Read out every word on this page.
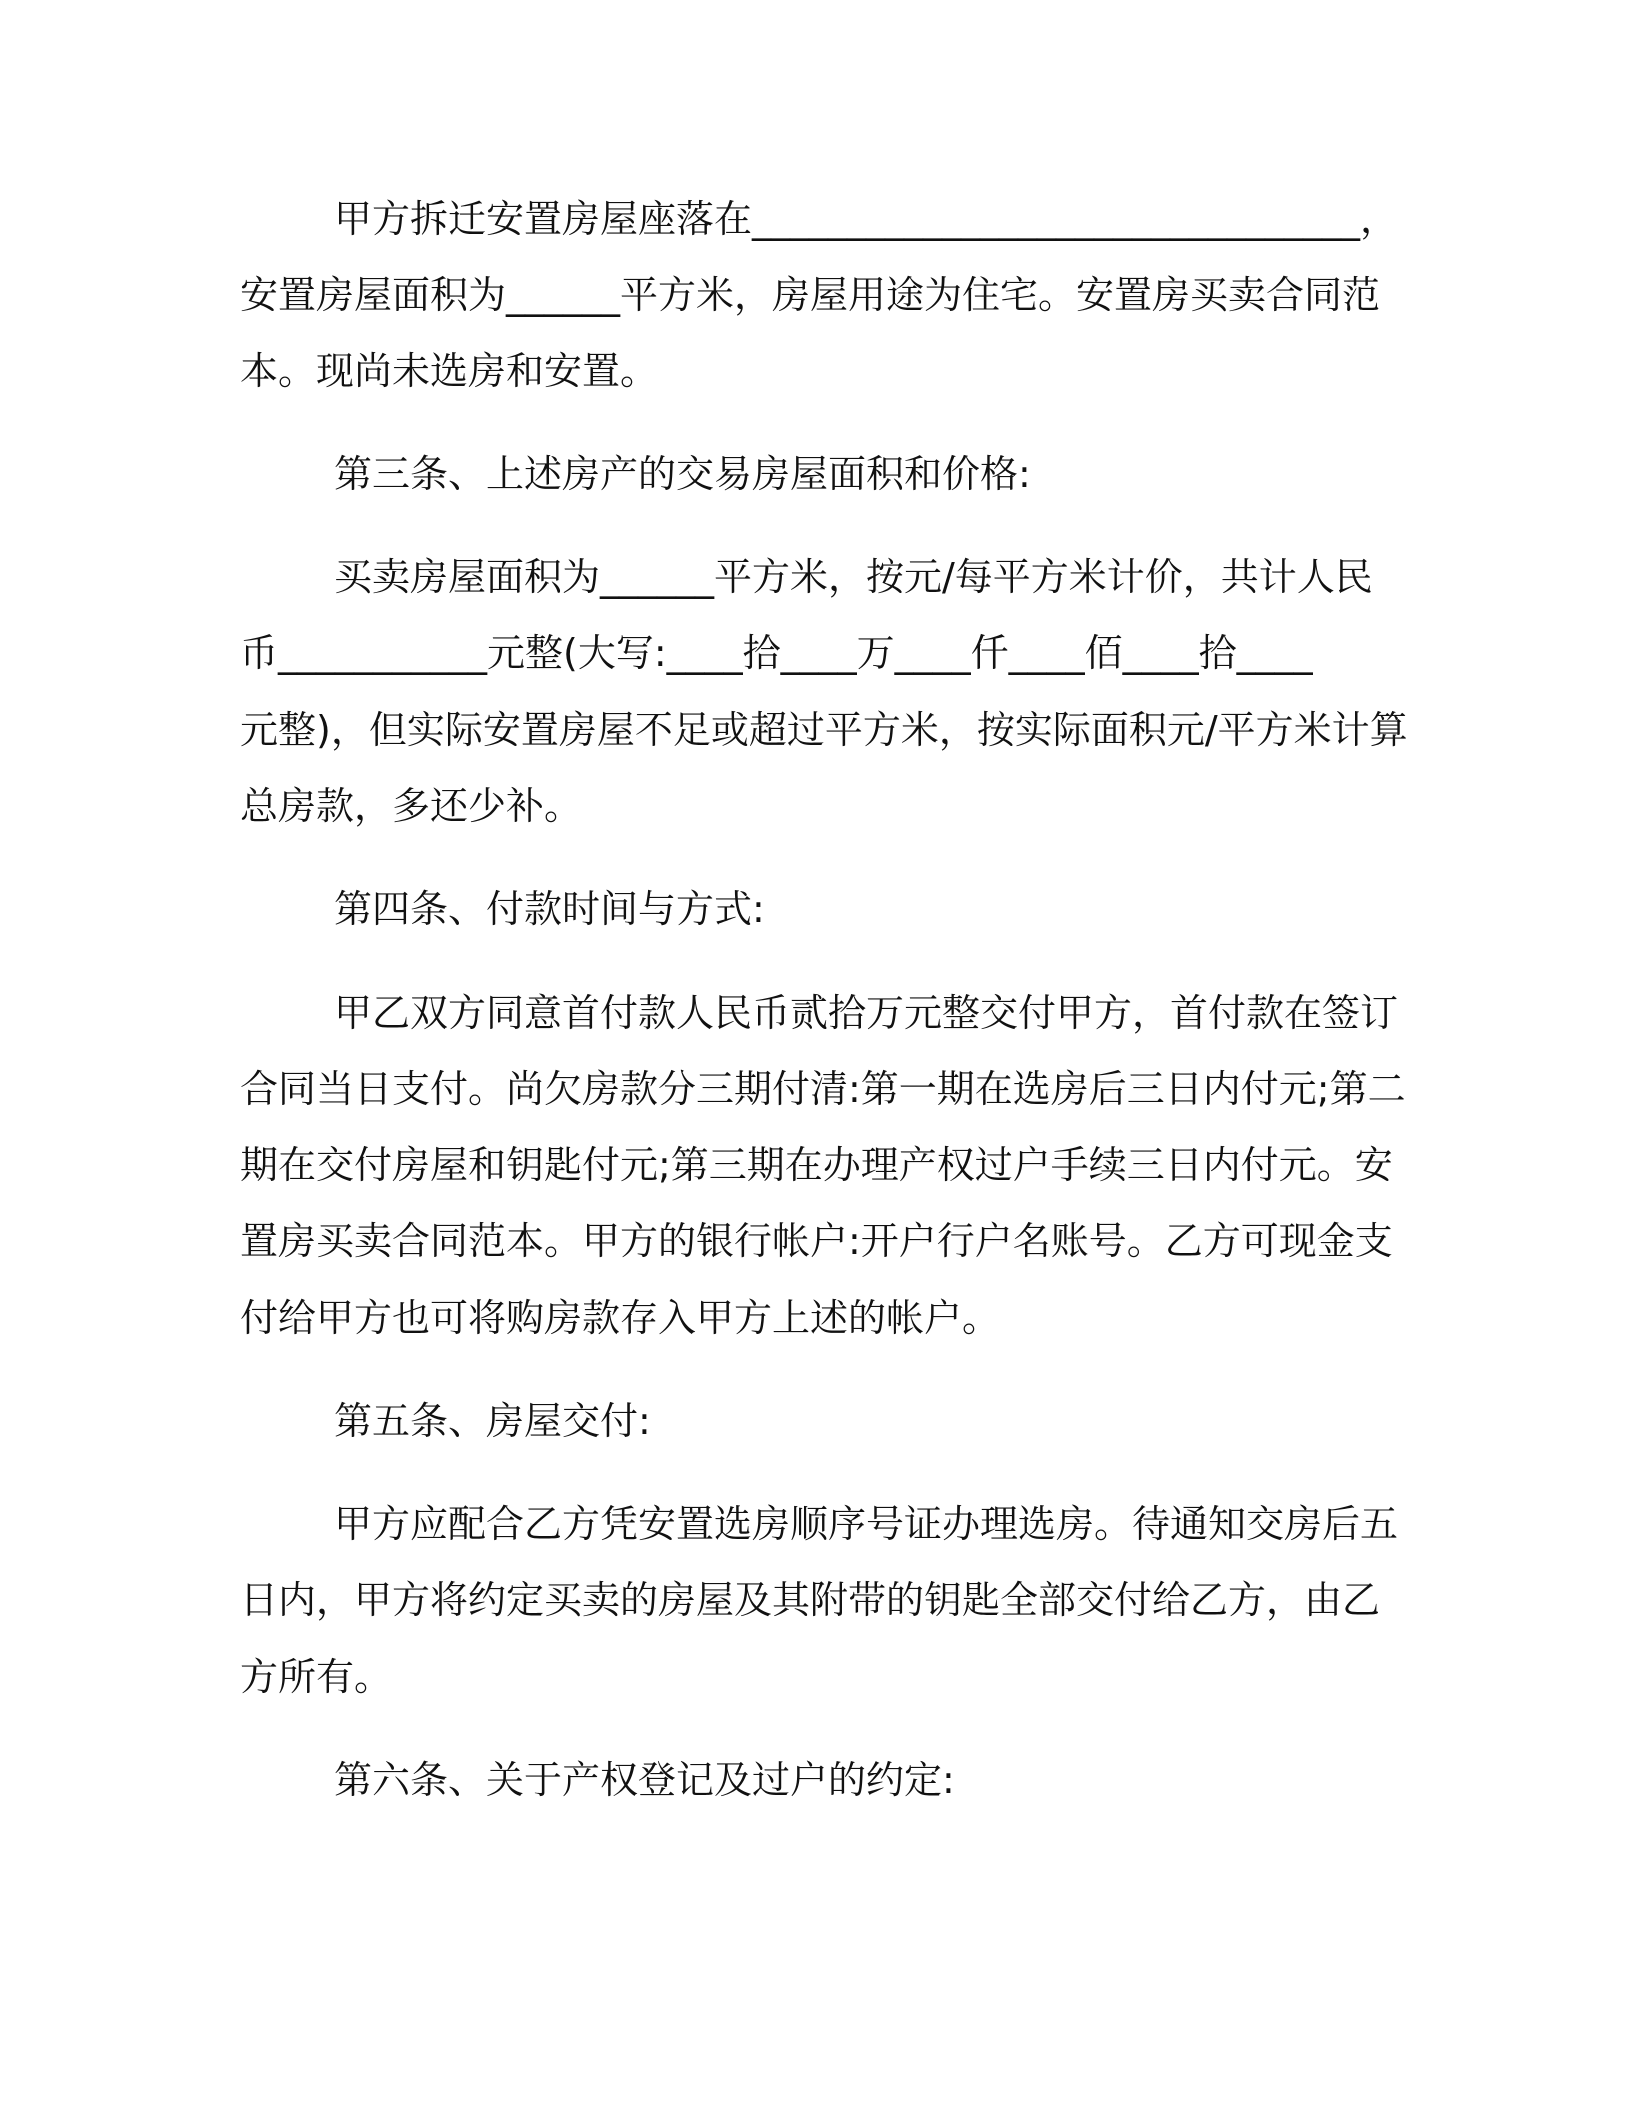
甲方拆迁安置房屋座落在________________________________，

安置房屋面积为______平方米，房屋用途为住宅。安置房买卖合同范

本。现尚未选房和安置。

第三条、上述房产的交易房屋面积和价格:

买卖房屋面积为______平方米，按元/每平方米计价，共计人民

币___________元整(大写:____拾____万____仟____佰____拾____

元整)，但实际安置房屋不足或超过平方米，按实际面积元/平方米计算

总房款，多还少补。

第四条、付款时间与方式:

甲乙双方同意首付款人民币贰拾万元整交付甲方，首付款在签订

合同当日支付。尚欠房款分三期付清:第一期在选房后三日内付元;第二

期在交付房屋和钥匙付元;第三期在办理产权过户手续三日内付元。安

置房买卖合同范本。甲方的银行帐户:开户行户名账号。乙方可现金支

付给甲方也可将购房款存入甲方上述的帐户。

第五条、房屋交付:

甲方应配合乙方凭安置选房顺序号证办理选房。待通知交房后五

日内，甲方将约定买卖的房屋及其附带的钥匙全部交付给乙方，由乙

方所有。

第六条、关于产权登记及过户的约定:
